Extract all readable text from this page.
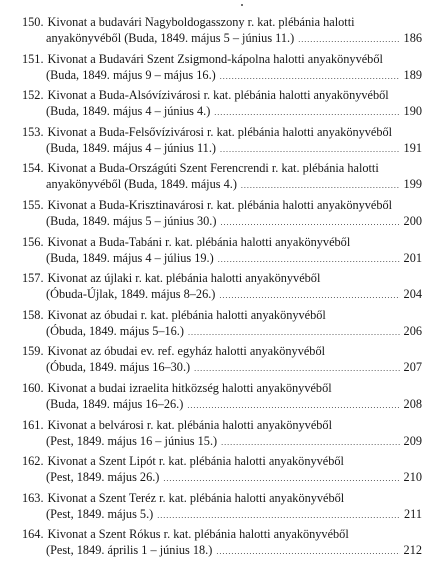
150. Kivonat a budavári Nagyboldogasszony r. kat. plébánia halotti
anyakönyvéből (Buda, 1849. május 5 – június 11.) .....	186
151. Kivonat a Budavári Szent Zsigmond-kápolna halotti anyakönyvéből
(Buda, 1849. május 9 – május 16.) .....	189
152. Kivonat a Buda-Alsóvízivárosi r. kat. plébánia halotti anyakönyvéből
(Buda, 1849. május 4 – június 4.) .....	190
153. Kivonat a Buda-Felsővízivárosi r. kat. plébánia halotti anyakönyvéből
(Buda, 1849. május 4 – június 11.) .....	191
154. Kivonat a Buda-Országúti Szent Ferencrendi r. kat. plébánia halotti
anyakönyvéből (Buda, 1849. május 4.) .....	199
155. Kivonat a Buda-Krisztinavárosi r. kat. plébánia halotti anyakönyvéből
(Buda, 1849. május 5 – június 30.) .....	200
156. Kivonat a Buda-Tabáni r. kat. plébánia halotti anyakönyvéből
(Buda, 1849. május 4 – július 19.) .....	201
157. Kivonat az újlaki r. kat. plébánia halotti anyakönyvéből
(Óbuda-Újlak, 1849. május 8–26.) .....	204
158. Kivonat az óbudai r. kat. plébánia halotti anyakönyvéből
(Óbuda, 1849. május 5–16.) .....	206
159. Kivonat az óbudai ev. ref. egyház halotti anyakönyvéből
(Óbuda, 1849. május 16–30.) .....	207
160. Kivonat a budai izraelita hitközség halotti anyakönyvéből
(Buda, 1849. május 16–26.) .....	208
161. Kivonat a belvárosi r. kat. plébánia halotti anyakönyvéből
(Pest, 1849. május 16 – június 15.) .....	209
162. Kivonat a Szent Lipót r. kat. plébánia halotti anyakönyvéből
(Pest, 1849. május 26.) .....	210
163. Kivonat a Szent Teréz r. kat. plébánia halotti anyakönyvéből
(Pest, 1849. május 5.) .....	211
164. Kivonat a Szent Rókus r. kat. plébánia halotti anyakönyvéből
(Pest, 1849. április 1 – június 18.) .....	212
